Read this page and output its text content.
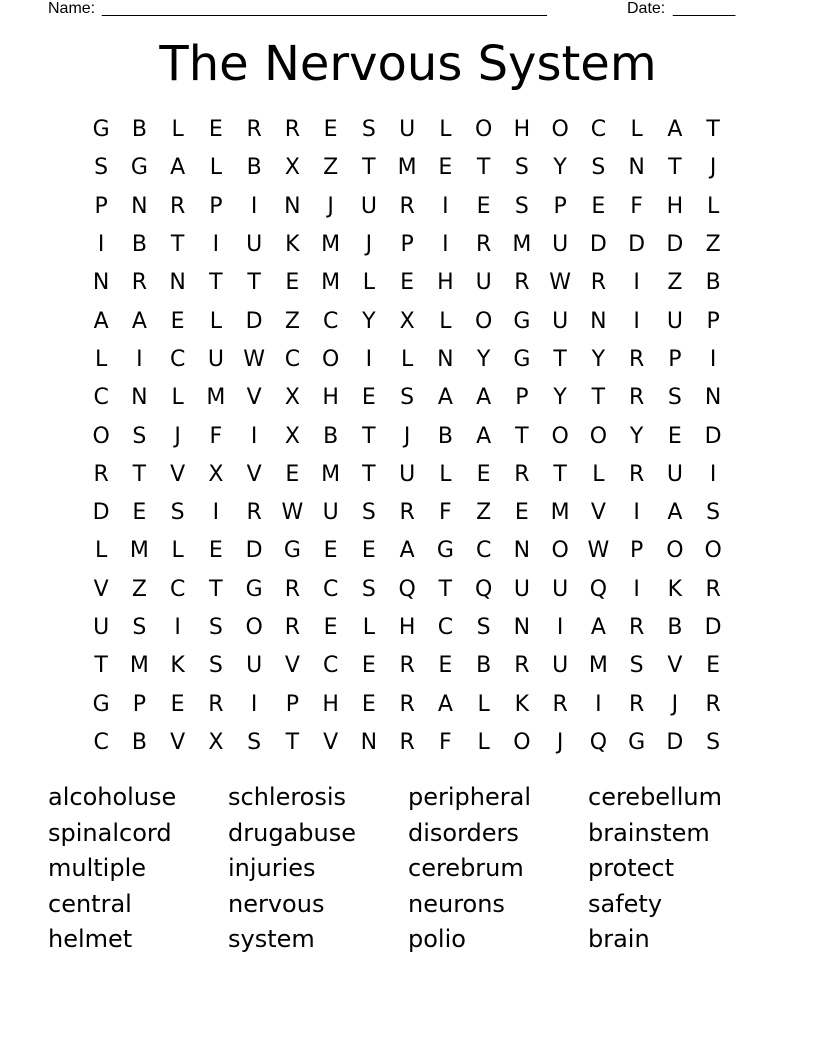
Name: __________________________________________________	Date: _______
The Nervous System
G	B	L	E	R	R	E	S	U	L	O H O C	L	A	T
S	G	A	L	B	X	Z	T	M E	T	S	Y	S	N	T	J
P	N	R	P	I	N	J	U	R	I	E	S	P	E	F	H	L
I	B	T	I	U	K M	J	P	I	R M U D D D	Z
N	R	N	T	T	E M	L	E	H U	R W R	I	Z	B
A	A	E	L	D	Z	C	Y	X	L	O G U N	I	U	P
L	I	C	U W C O	I	L	N	Y	G	T	Y	R	P	I
C	N	L	M V	X	H	E	S	A	A	P	Y	T	R	S	N
O	S	J	F	I	X	B	T	J	B	A	T	O O	Y	E	D
R	T	V	X	V	E M	T	U	L	E	R	T	L	R	U	I
D	E	S	I	R W U	S	R	F	Z	E M V	I	A	S
L	M	L	E	D G	E	E	A	G	C	N O W P	O O
V	Z	C	T	G	R	C	S	Q	T	Q U	U Q	I	K	R
U	S	I	S	O R	E	L	H	C	S	N	I	A	R	B	D
T	M K	S	U	V	C	E	R	E	B	R	U M S	V	E
G	P	E	R	I	P	H	E	R	A	L	K	R	I	R	J	R
C	B	V	X	S	T	V	N	R	F	L	O	J	Q G D	S
alcoholuse	schlerosis	peripheral	cerebellum
spinalcord	drugabuse	disorders	brainstem
multiple	injuries	cerebrum	protect
central	nervous	neurons	safety
helmet	system	polio	brain
